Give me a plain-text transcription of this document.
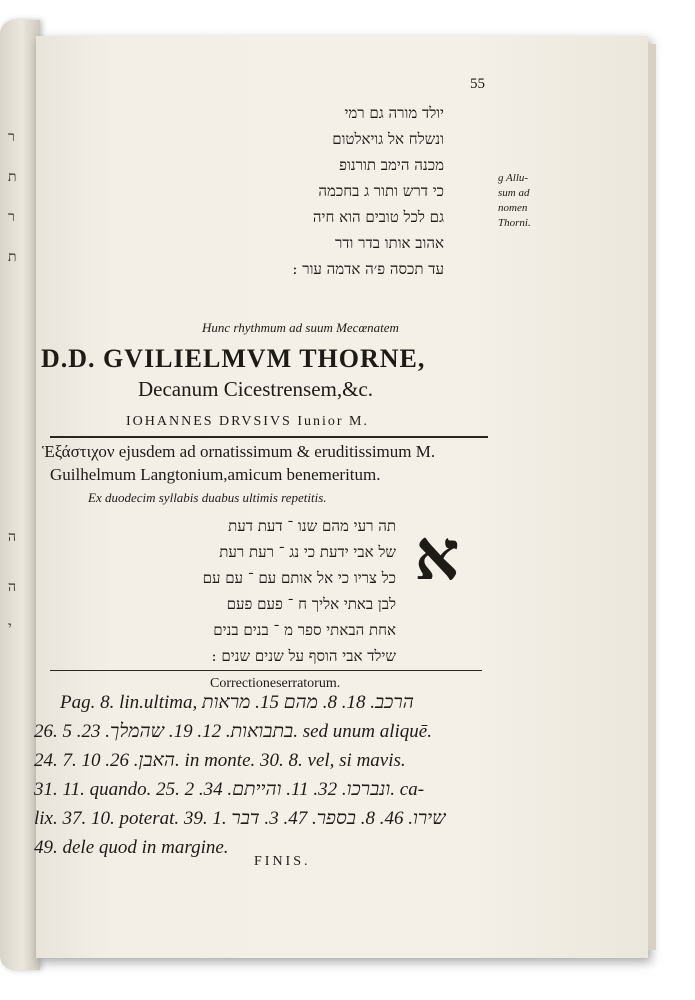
ר
ת
ר
ת
ה
ה
י
55
יולד מורה גם רמי
ונשלח אל גויאלטום
מכנה הימב תורנופ
כי דרש ותור ג בחכמה
גם לכל טובים הוא חיה
אהוב אותו בדר ודר
עד תכסה פ׳ה אדמה עור :
g Allu-
sum ad
nomen
Thorni.
Hunc rhythmum ad suum Mecœnatem
D.D. GVILIELMVM THORNE,
Decanum Cicestrensem,&c.
IOHANNES DRVSIVS Iunior M.
Ἑξάστιχον ejusdem ad ornatissimum & eruditissimum M.
Guilhelmum Langtonium,amicum benemeritum.
Ex duodecim syllabis duabus ultimis repetitis.
א
תה רעי מהם שנו ־ דעת דעת
של אבי ידעת כי נג ־ רעת רעת
כל צריו כי אל אותם עם ־ עם עם
לבן באתי אליך ח ־ פעם פעם
אחת הבאתי ספר מ ־ בנים בנים
שילד אבי הוסף על שנים שנים :
Correctioneserratorum.
Pag. 8. lin.ultima, הרכב. 18. 8. מהם 15. מראות
26. בתבואות. 12. 19. שהמלך. 23. 5. sed unum aliquē.
24. 7. האבן. 26. 10. in monte. 30. 8. vel, si mavis.
31. 11. quando. 25. ונברכו. 32. 11. והייתם. 34. 2. ca-
lix. 37. 10. poterat. 39. 1. שירו. 46. 8. בספר. 47. 3. דבר
49. dele quod in margine.
FINIS.
